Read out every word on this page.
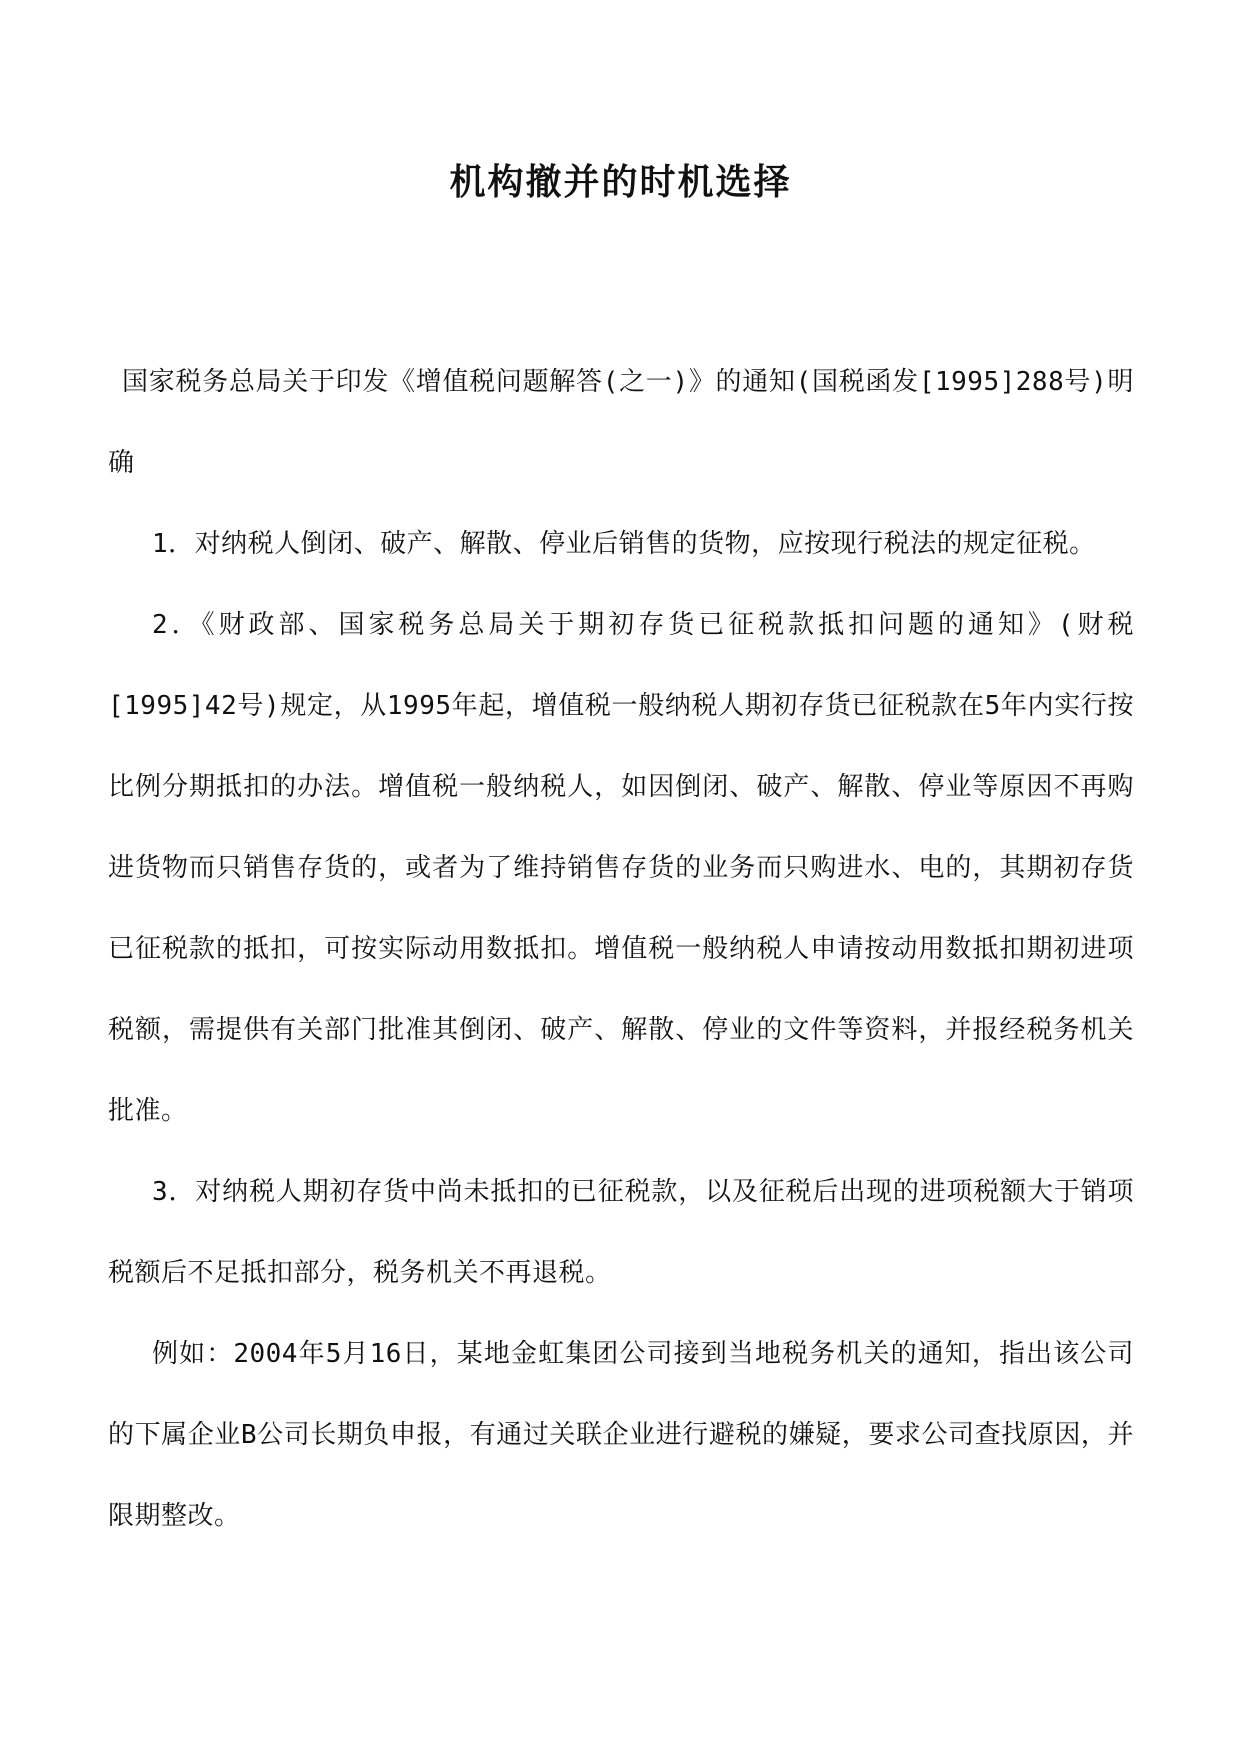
机构撤并的时机选择

国家税务总局关于印发《增值税问题解答(之一)》的通知(国税函发[1995]288号)明确

1．对纳税人倒闭、破产、解散、停业后销售的货物，应按现行税法的规定征税。

2．《财政部、国家税务总局关于期初存货已征税款抵扣问题的通知》(财税[1995]42号)规定，从1995年起，增值税一般纳税人期初存货已征税款在5年内实行按比例分期抵扣的办法。增值税一般纳税人，如因倒闭、破产、解散、停业等原因不再购进货物而只销售存货的，或者为了维持销售存货的业务而只购进水、电的，其期初存货已征税款的抵扣，可按实际动用数抵扣。增值税一般纳税人申请按动用数抵扣期初进项税额，需提供有关部门批准其倒闭、破产、解散、停业的文件等资料，并报经税务机关批准。

3．对纳税人期初存货中尚未抵扣的已征税款，以及征税后出现的进项税额大于销项税额后不足抵扣部分，税务机关不再退税。

例如：2004年5月16日，某地金虹集团公司接到当地税务机关的通知，指出该公司的下属企业B公司长期负申报，有通过关联企业进行避税的嫌疑，要求公司查找原因，并限期整改。
